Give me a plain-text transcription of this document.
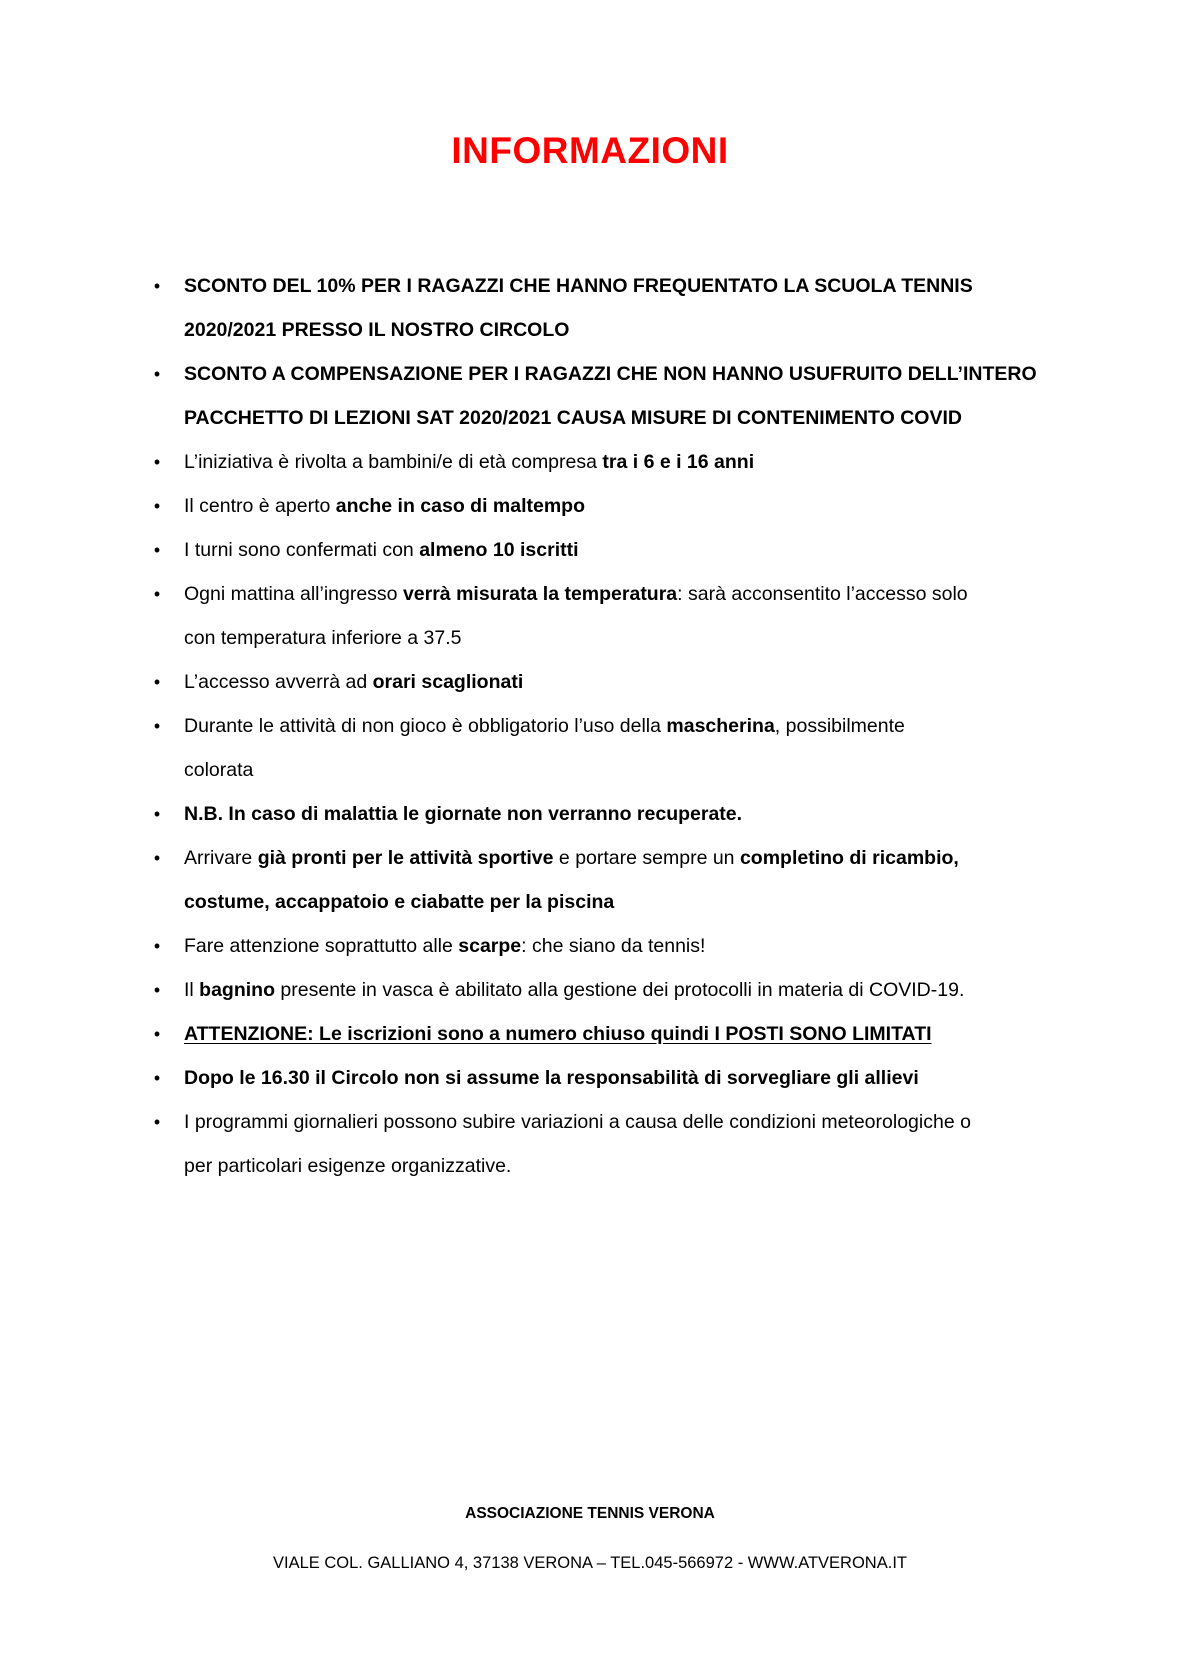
INFORMAZIONI
• SCONTO DEL 10% PER I RAGAZZI CHE HANNO FREQUENTATO LA SCUOLA TENNIS
2020/2021 PRESSO IL NOSTRO CIRCOLO
• SCONTO A COMPENSAZIONE PER I RAGAZZI CHE NON HANNO USUFRUITO DELL’INTERO
PACCHETTO DI LEZIONI SAT 2020/2021 CAUSA MISURE DI CONTENIMENTO COVID
• L’iniziativa è rivolta a bambini/e di età compresa tra i 6 e i 16 anni
• Il centro è aperto anche in caso di maltempo
• I turni sono confermati con almeno 10 iscritti
• Ogni mattina all’ingresso verrà misurata la temperatura: sarà acconsentito l’accesso solo
con temperatura inferiore a 37.5
• L’accesso avverrà ad orari scaglionati
• Durante le attività di non gioco è obbligatorio l’uso della mascherina, possibilmente
colorata
• N.B. In caso di malattia le giornate non verranno recuperate.
• Arrivare già pronti per le attività sportive e portare sempre un completino di ricambio,
costume, accappatoio e ciabatte per la piscina
• Fare attenzione soprattutto alle scarpe: che siano da tennis!
• Il bagnino presente in vasca è abilitato alla gestione dei protocolli in materia di COVID-19.
• ATTENZIONE: Le iscrizioni sono a numero chiuso quindi I POSTI SONO LIMITATI
• Dopo le 16.30 il Circolo non si assume la responsabilità di sorvegliare gli allievi
• I programmi giornalieri possono subire variazioni a causa delle condizioni meteorologiche o
per particolari esigenze organizzative.
ASSOCIAZIONE TENNIS VERONA
VIALE COL. GALLIANO 4, 37138 VERONA – TEL.045-566972 - WWW.ATVERONA.IT
